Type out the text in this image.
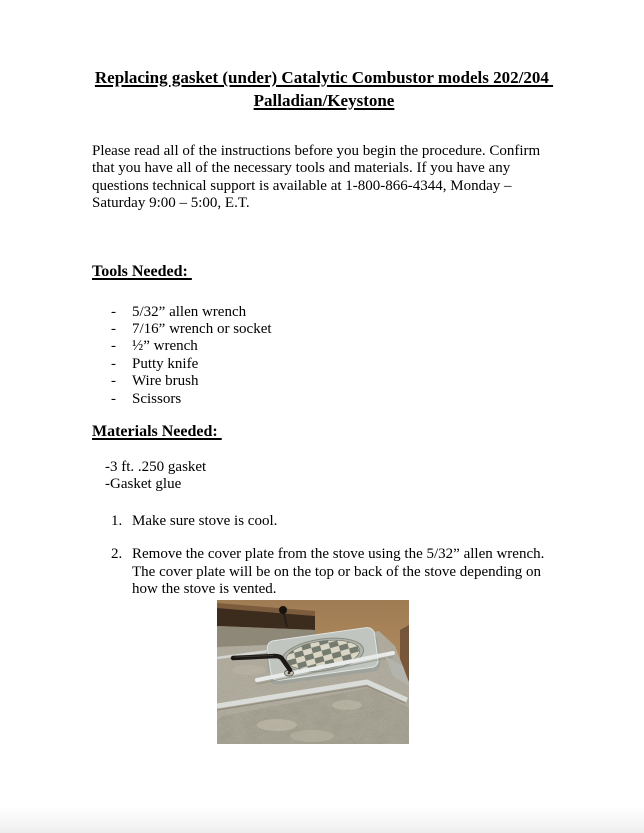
Replacing gasket (under) Catalytic Combustor models 202/204
Palladian/Keystone

Please read all of the instructions before you begin the procedure. Confirm that you have all of the necessary tools and materials. If you have any questions technical support is available at 1-800-866-4344, Monday – Saturday 9:00 – 5:00, E.T.

Tools Needed:
-	5/32” allen wrench
-	7/16” wrench or socket
-	½” wrench
-	Putty knife
-	Wire brush
-	Scissors
Materials Needed:
-3 ft. .250 gasket
-Gasket glue
1. Make sure stove is cool.
2. Remove the cover plate from the stove using the 5/32” allen wrench. The cover plate will be on the top or back of the stove depending on how the stove is vented.
